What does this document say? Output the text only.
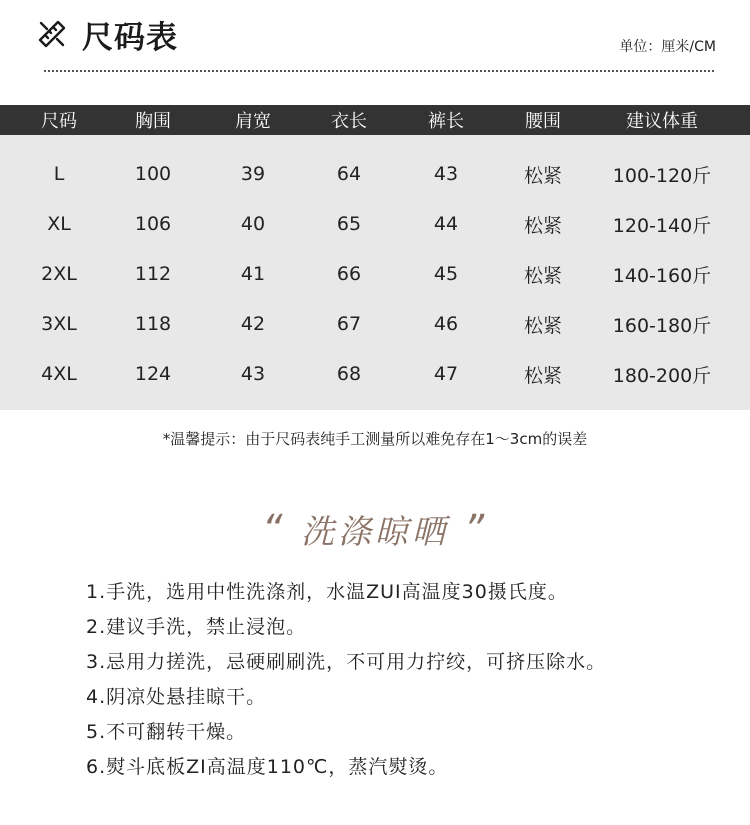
尺码表	单位：厘米/CM
尺码	胸围	肩宽	衣长	裤长	腰围	建议体重
L	100	39	64	43	松紧	100-120斤
XL	106	40	65	44	松紧	120-140斤
2XL	112	41	66	45	松紧	140-160斤
3XL	118	42	67	46	松紧	160-180斤
4XL	124	43	68	47	松紧	180-200斤
*温馨提示：由于尺码表纯手工测量所以难免存在1～3cm的误差
“ 洗涤晾晒 ”
1.手洗，选用中性洗涤剂，水温ZUI高温度30摄氏度。
2.建议手洗，禁止浸泡。
3.忌用力搓洗，忌硬刷刷洗，不可用力拧绞，可挤压除水。
4.阴凉处悬挂晾干。
5.不可翻转干燥。
6.熨斗底板ZI高温度110℃，蒸汽熨烫。
